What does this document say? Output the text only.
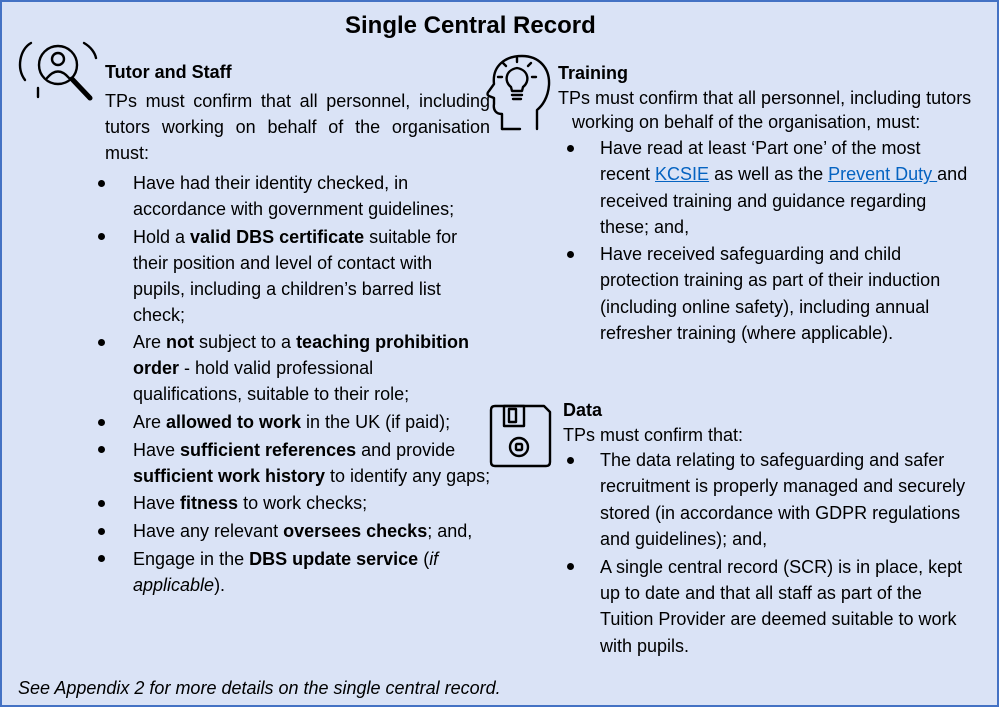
Single Central Record
Tutor and Staff
TPs must confirm that all personnel, including
tutors working on behalf of the organisation
must:
Have had their identity checked, in
accordance with government guidelines;
Hold a valid DBS certificate suitable for
their position and level of contact with
pupils, including a children’s barred list
check;
Are not subject to a teaching prohibition
order - hold valid professional
qualifications, suitable to their role;
Are allowed to work in the UK (if paid);
Have sufficient references and provide
sufficient work history to identify any gaps;
Have fitness to work checks;
Have any relevant oversees checks; and,
Engage in the DBS update service (if
applicable).
Training
TPs must confirm that all personnel, including tutors
working on behalf of the organisation, must:
Have read at least ‘Part one’ of the most
recent KCSIE as well as the Prevent Duty and
received training and guidance regarding
these; and,
Have received safeguarding and child
protection training as part of their induction
(including online safety), including annual
refresher training (where applicable).
Data
TPs must confirm that:
The data relating to safeguarding and safer
recruitment is properly managed and securely
stored (in accordance with GDPR regulations
and guidelines); and,
A single central record (SCR) is in place, kept
up to date and that all staff as part of the
Tuition Provider are deemed suitable to work
with pupils.
See Appendix 2 for more details on the single central record.
